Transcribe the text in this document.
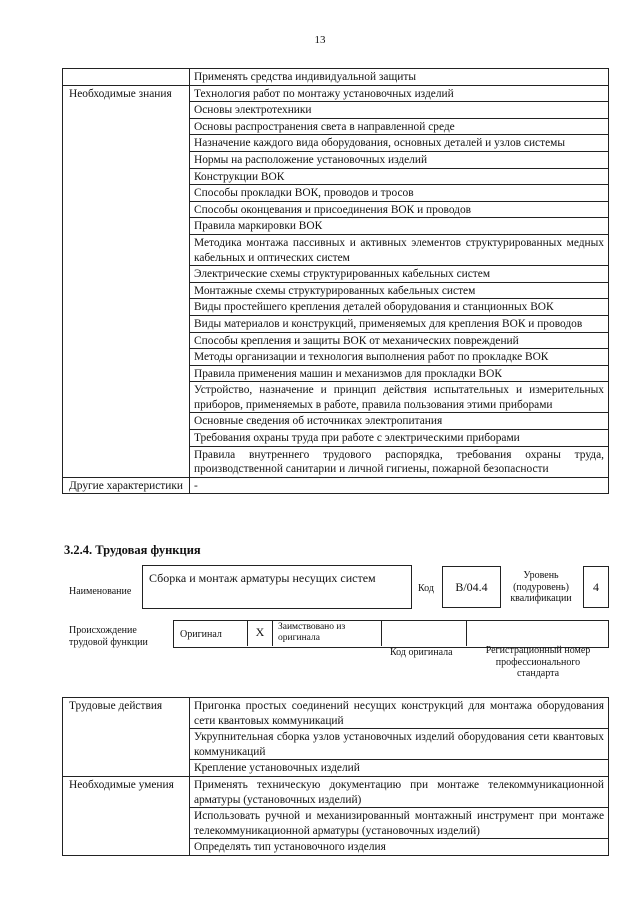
13
	Применять средства индивидуальной защиты
Необходимые знания	Технология работ по монтажу установочных изделий
	Основы электротехники
	Основы распространения света в направленной среде
	Назначение каждого вида оборудования, основных деталей и узлов системы
	Нормы на расположение установочных изделий
	Конструкции ВОК
	Способы прокладки ВОК, проводов и тросов
	Способы оконцевания и присоединения ВОК и проводов
	Правила маркировки ВОК
	Методика монтажа пассивных и активных элементов структурированных медных кабельных и оптических систем
	Электрические схемы структурированных кабельных систем
	Монтажные схемы структурированных кабельных систем
	Виды простейшего крепления деталей оборудования и станционных ВОК
	Виды материалов и конструкций, применяемых для крепления ВОК и проводов
	Способы крепления и защиты ВОК от механических повреждений
	Методы организации и технология выполнения работ по прокладке ВОК
	Правила применения машин и механизмов для прокладки ВОК
	Устройство, назначение и принцип действия испытательных и измерительных приборов, применяемых в работе, правила пользования этими приборами
	Основные сведения об источниках электропитания
	Требования охраны труда при работе с электрическими приборами
	Правила внутреннего трудового распорядка, требования охраны труда, производственной санитарии и личной гигиены, пожарной безопасности
Другие характеристики	-
3.2.4. Трудовая функция
Наименование
Сборка и монтаж арматуры несущих систем
Код	B/04.4
Уровень (подуровень) квалификации
4
Происхождение трудовой функции
Оригинал	X	Заимствовано из оригинала
Код оригинала	Регистрационный номер профессионального стандарта
Трудовые действия	Пригонка простых соединений несущих конструкций для монтажа оборудования сети квантовых коммуникаций
	Укрупнительная сборка узлов установочных изделий оборудования сети квантовых коммуникаций
	Крепление установочных изделий
Необходимые умения	Применять техническую документацию при монтаже телекоммуникационной арматуры (установочных изделий)
	Использовать ручной и механизированный монтажный инструмент при монтаже телекоммуникационной арматуры (установочных изделий)
	Определять тип установочного изделия
